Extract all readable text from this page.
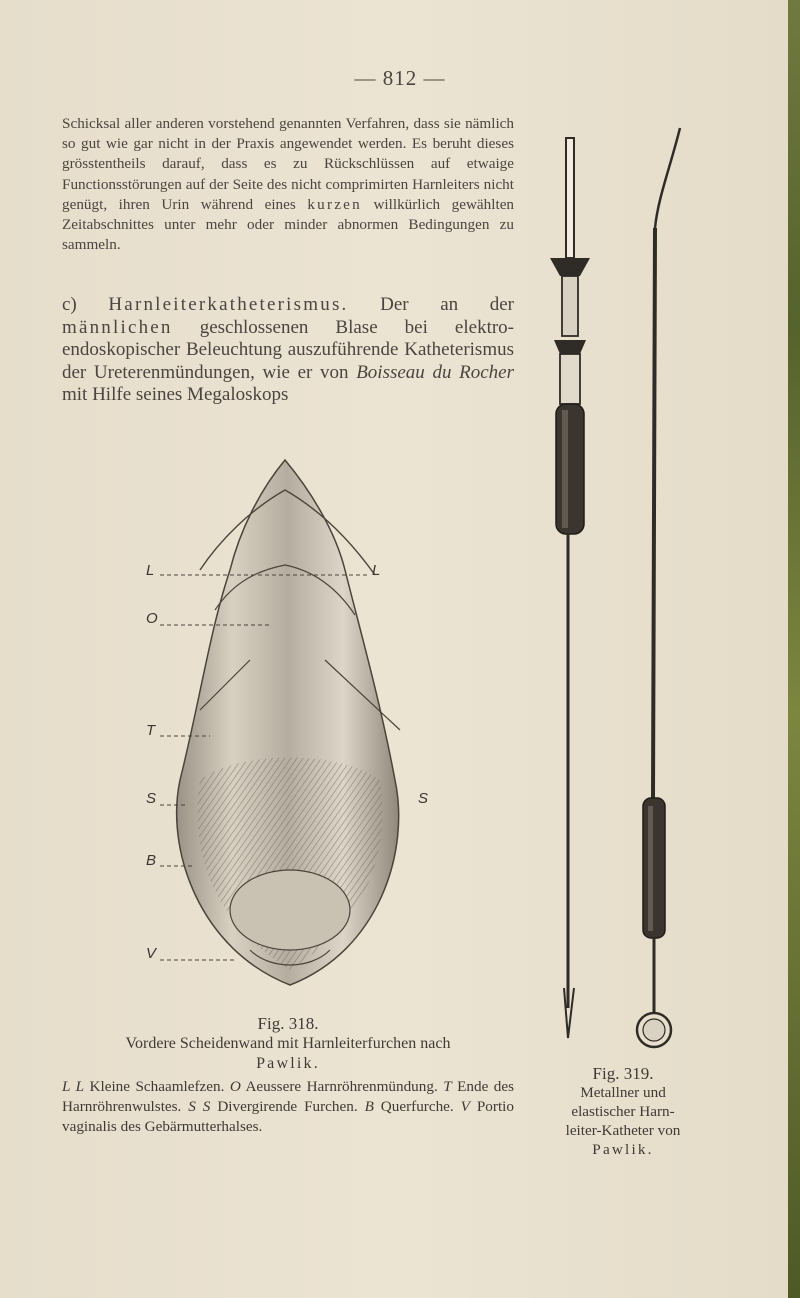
— 812 —
Schicksal aller anderen vorstehend genannten Verfahren, dass sie nämlich so gut wie gar nicht in der Praxis angewendet werden. Es beruht dieses grösstentheils darauf, dass es zu Rückschlüssen auf etwaige Functionsstörungen auf der Seite des nicht comprimirten Harnleiters nicht genügt, ihren Urin während eines kurzen willkürlich gewählten Zeitabschnittes unter mehr oder minder abnormen Bedingungen zu sammeln.
c) Harnleiterkatheterismus. Der an der männlichen geschlossenen Blase bei elektro-endoskopischer Beleuchtung auszuführende Katheterismus der Ureterenmündungen, wie er von Boisseau du Rocher mit Hilfe seines Megaloskops
L	L
O
T
S	S
B
V
Fig. 318.
Vordere Scheidenwand mit Harnleiterfurchen nach
Pawlik.
L L Kleine Schaamlefzen. O Aeussere Harnröhrenmündung. T Ende des Harnröhrenwulstes. S S Divergirende Furchen. B Querfurche. V Portio vaginalis des Gebärmutterhalses.
Fig. 319.
Metallner und
elastischer Harn-
leiter-Katheter von
Pawlik.
